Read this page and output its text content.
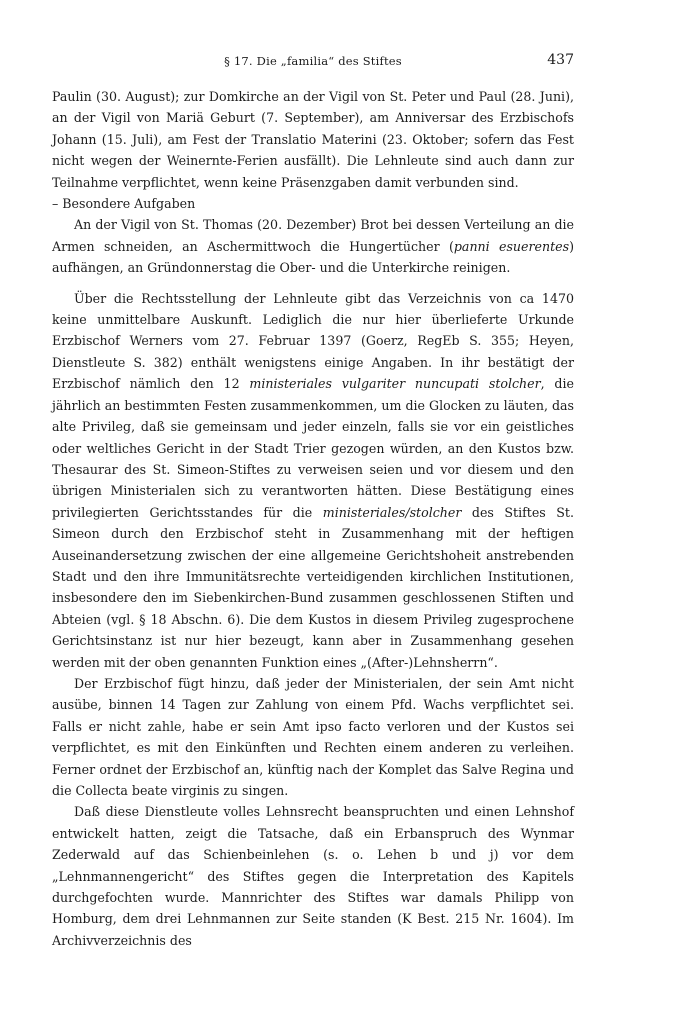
§ 17. Die „familia“ des Stiftes	437

Paulin (30. August); zur Domkirche an der Vigil von St. Peter und Paul (28. Juni), an der Vigil von Mariä Geburt (7. September), am Anniversar des Erzbischofs Johann (15. Juli), am Fest der Translatio Materini (23. Oktober; sofern das Fest nicht wegen der Weinernte-Ferien ausfällt). Die Lehnleute sind auch dann zur Teilnahme verpflichtet, wenn keine Präsenzgaben damit verbunden sind.

– Besondere Aufgaben

An der Vigil von St. Thomas (20. Dezember) Brot bei dessen Verteilung an die Armen schneiden, an Aschermittwoch die Hungertücher (panni esuerentes) aufhängen, an Gründonnerstag die Ober- und die Unterkirche reinigen.

Über die Rechtsstellung der Lehnleute gibt das Verzeichnis von ca 1470 keine unmittelbare Auskunft. Lediglich die nur hier überlieferte Urkunde Erzbischof Werners vom 27. Februar 1397 (Goerz, RegEb S. 355; Heyen, Dienstleute S. 382) enthält wenigstens einige Angaben. In ihr bestätigt der Erzbischof nämlich den 12 ministeriales vulgariter nuncupati stolcher, die jährlich an bestimmten Festen zusammenkommen, um die Glocken zu läuten, das alte Privileg, daß sie gemeinsam und jeder einzeln, falls sie vor ein geistliches oder weltliches Gericht in der Stadt Trier gezogen würden, an den Kustos bzw. Thesaurar des St. Simeon-Stiftes zu verweisen seien und vor diesem und den übrigen Ministerialen sich zu verantworten hätten. Diese Bestätigung eines privilegierten Gerichtsstandes für die ministeriales/stolcher des Stiftes St. Simeon durch den Erzbischof steht in Zusammenhang mit der heftigen Auseinandersetzung zwischen der eine allgemeine Gerichtshoheit anstrebenden Stadt und den ihre Immunitätsrechte verteidigenden kirchlichen Institutionen, insbesondere den im Siebenkirchen-Bund zusammen geschlossenen Stiften und Abteien (vgl. § 18 Abschn. 6). Die dem Kustos in diesem Privileg zugesprochene Gerichtsinstanz ist nur hier bezeugt, kann aber in Zusammenhang gesehen werden mit der oben genannten Funktion eines „(After-)Lehnsherrn“.

Der Erzbischof fügt hinzu, daß jeder der Ministerialen, der sein Amt nicht ausübe, binnen 14 Tagen zur Zahlung von einem Pfd. Wachs verpflichtet sei. Falls er nicht zahle, habe er sein Amt ipso facto verloren und der Kustos sei verpflichtet, es mit den Einkünften und Rechten einem anderen zu verleihen. Ferner ordnet der Erzbischof an, künftig nach der Komplet das Salve Regina und die Collecta beate virginis zu singen.

Daß diese Dienstleute volles Lehnsrecht beanspruchten und einen Lehnshof entwickelt hatten, zeigt die Tatsache, daß ein Erbanspruch des Wynmar Zederwald auf das Schienbeinlehen (s. o. Lehen b und j) vor dem „Lehnmannengericht“ des Stiftes gegen die Interpretation des Kapitels durchgefochten wurde. Mannrichter des Stiftes war damals Philipp von Homburg, dem drei Lehnmannen zur Seite standen (K Best. 215 Nr. 1604). Im Archivverzeichnis des
